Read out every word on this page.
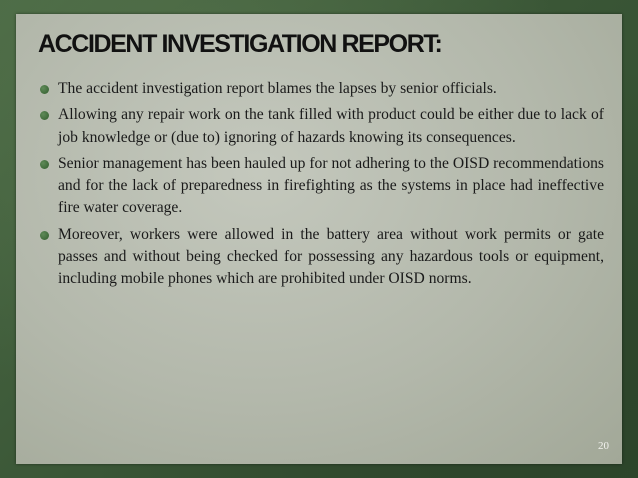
ACCIDENT INVESTIGATION REPORT:
The accident investigation report blames the lapses by senior officials.
Allowing any repair work on the tank filled with product could be either due to lack of job knowledge or (due to) ignoring of hazards knowing its consequences.
Senior management has been hauled up for not adhering to the OISD recommendations and for the lack of preparedness in firefighting as the systems in place had ineffective fire water coverage.
Moreover, workers were allowed in the battery area without work permits or gate passes and without being checked for possessing any hazardous tools or equipment, including mobile phones which are prohibited under OISD norms.
20
